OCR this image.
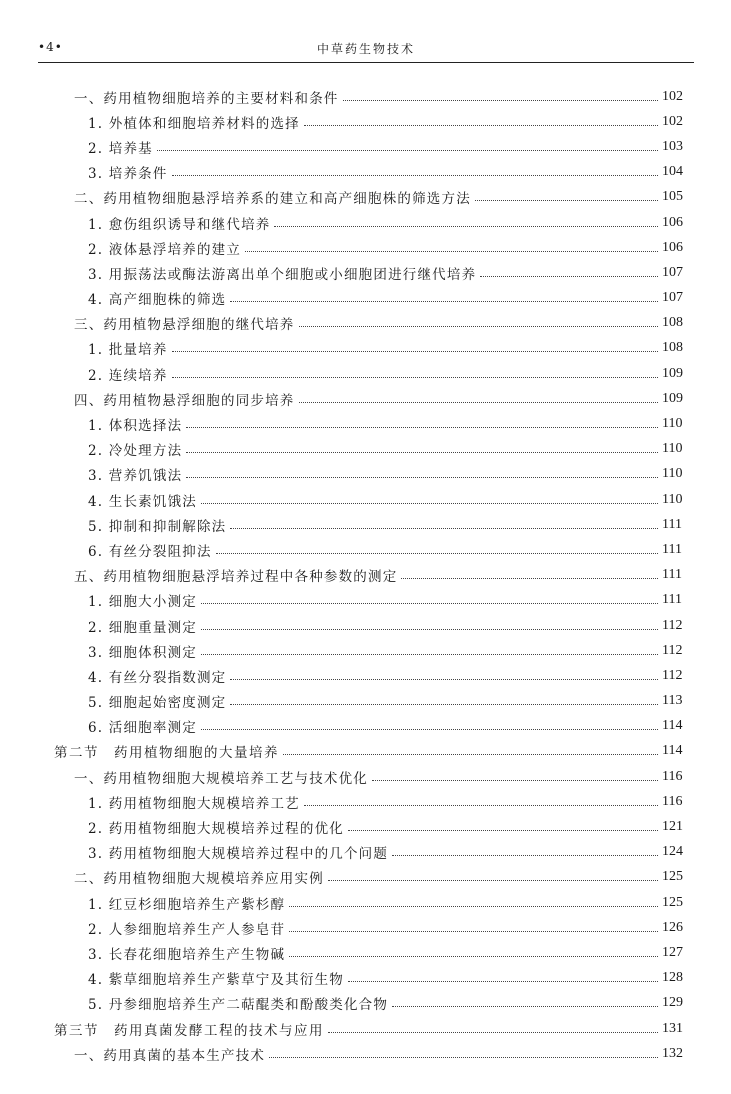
•4•	中草药生物技术
一、药用植物细胞培养的主要材料和条件	102
1. 外植体和细胞培养材料的选择	102
2. 培养基	103
3. 培养条件	104
二、药用植物细胞悬浮培养系的建立和高产细胞株的筛选方法	105
1. 愈伤组织诱导和继代培养	106
2. 液体悬浮培养的建立	106
3. 用振荡法或酶法游离出单个细胞或小细胞团进行继代培养	107
4. 高产细胞株的筛选	107
三、药用植物悬浮细胞的继代培养	108
1. 批量培养	108
2. 连续培养	109
四、药用植物悬浮细胞的同步培养	109
1. 体积选择法	110
2. 冷处理方法	110
3. 营养饥饿法	110
4. 生长素饥饿法	110
5. 抑制和抑制解除法	111
6. 有丝分裂阻抑法	111
五、药用植物细胞悬浮培养过程中各种参数的测定	111
1. 细胞大小测定	111
2. 细胞重量测定	112
3. 细胞体积测定	112
4. 有丝分裂指数测定	112
5. 细胞起始密度测定	113
6. 活细胞率测定	114
第二节　药用植物细胞的大量培养	114
一、药用植物细胞大规模培养工艺与技术优化	116
1. 药用植物细胞大规模培养工艺	116
2. 药用植物细胞大规模培养过程的优化	121
3. 药用植物细胞大规模培养过程中的几个问题	124
二、药用植物细胞大规模培养应用实例	125
1. 红豆杉细胞培养生产紫杉醇	125
2. 人参细胞培养生产人参皂苷	126
3. 长春花细胞培养生产生物碱	127
4. 紫草细胞培养生产紫草宁及其衍生物	128
5. 丹参细胞培养生产二萜醌类和酚酸类化合物	129
第三节　药用真菌发酵工程的技术与应用	131
一、药用真菌的基本生产技术	132
